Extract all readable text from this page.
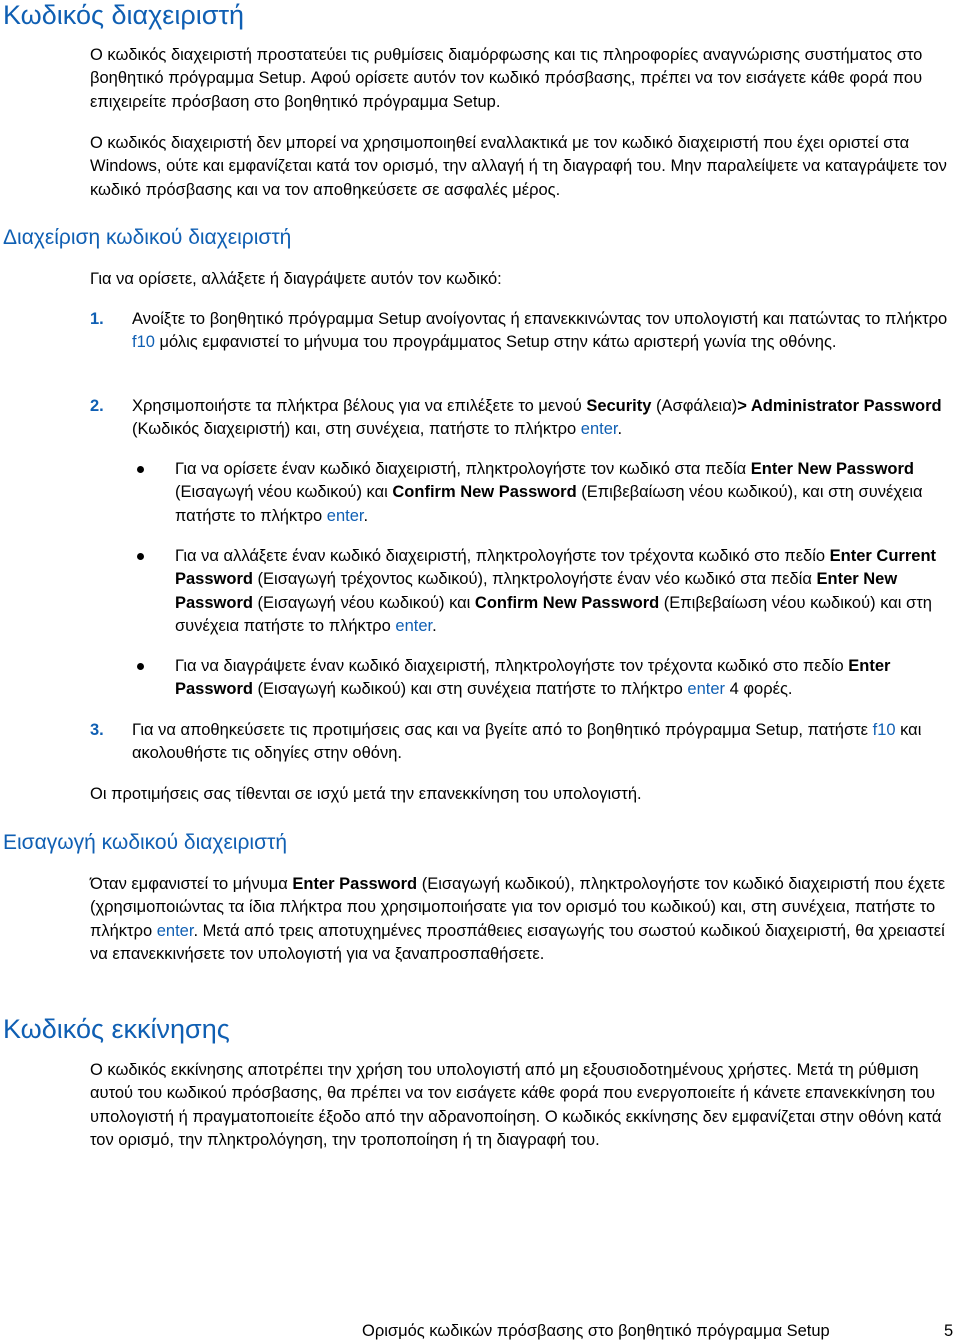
Κωδικός διαχειριστή

Ο κωδικός διαχειριστή προστατεύει τις ρυθμίσεις διαμόρφωσης και τις πληροφορίες αναγνώρισης συστήματος στο βοηθητικό πρόγραμμα Setup. Αφού ορίσετε αυτόν τον κωδικό πρόσβασης, πρέπει να τον εισάγετε κάθε φορά που επιχειρείτε πρόσβαση στο βοηθητικό πρόγραμμα Setup.

Ο κωδικός διαχειριστή δεν μπορεί να χρησιμοποιηθεί εναλλακτικά με τον κωδικό διαχειριστή που έχει οριστεί στα Windows, ούτε και εμφανίζεται κατά τον ορισμό, την αλλαγή ή τη διαγραφή του. Μην παραλείψετε να καταγράψετε τον κωδικό πρόσβασης και να τον αποθηκεύσετε σε ασφαλές μέρος.

Διαχείριση κωδικού διαχειριστή

Για να ορίσετε, αλλάξετε ή διαγράψετε αυτόν τον κωδικό:

1. Ανοίξτε το βοηθητικό πρόγραμμα Setup ανοίγοντας ή επανεκκινώντας τον υπολογιστή και πατώντας το πλήκτρο f10 μόλις εμφανιστεί το μήνυμα του προγράμματος Setup στην κάτω αριστερή γωνία της οθόνης.

2. Χρησιμοποιήστε τα πλήκτρα βέλους για να επιλέξετε το μενού Security (Ασφάλεια)> Administrator Password (Κωδικός διαχειριστή) και, στη συνέχεια, πατήστε το πλήκτρο enter.

Για να ορίσετε έναν κωδικό διαχειριστή, πληκτρολογήστε τον κωδικό στα πεδία Enter New Password (Εισαγωγή νέου κωδικού) και Confirm New Password (Επιβεβαίωση νέου κωδικού), και στη συνέχεια πατήστε το πλήκτρο enter.

Για να αλλάξετε έναν κωδικό διαχειριστή, πληκτρολογήστε τον τρέχοντα κωδικό στο πεδίο Enter Current Password (Εισαγωγή τρέχοντος κωδικού), πληκτρολογήστε έναν νέο κωδικό στα πεδία Enter New Password (Εισαγωγή νέου κωδικού) και Confirm New Password (Επιβεβαίωση νέου κωδικού) και στη συνέχεια πατήστε το πλήκτρο enter.

Για να διαγράψετε έναν κωδικό διαχειριστή, πληκτρολογήστε τον τρέχοντα κωδικό στο πεδίο Enter Password (Εισαγωγή κωδικού) και στη συνέχεια πατήστε το πλήκτρο enter 4 φορές.

3. Για να αποθηκεύσετε τις προτιμήσεις σας και να βγείτε από το βοηθητικό πρόγραμμα Setup, πατήστε f10 και ακολουθήστε τις οδηγίες στην οθόνη.

Οι προτιμήσεις σας τίθενται σε ισχύ μετά την επανεκκίνηση του υπολογιστή.

Εισαγωγή κωδικού διαχειριστή

Όταν εμφανιστεί το μήνυμα Enter Password (Εισαγωγή κωδικού), πληκτρολογήστε τον κωδικό διαχειριστή που έχετε (χρησιμοποιώντας τα ίδια πλήκτρα που χρησιμοποιήσατε για τον ορισμό του κωδικού) και, στη συνέχεια, πατήστε το πλήκτρο enter. Μετά από τρεις αποτυχημένες προσπάθειες εισαγωγής του σωστού κωδικού διαχειριστή, θα χρειαστεί να επανεκκινήσετε τον υπολογιστή για να ξαναπροσπαθήσετε.

Κωδικός εκκίνησης

Ο κωδικός εκκίνησης αποτρέπει την χρήση του υπολογιστή από μη εξουσιοδοτημένους χρήστες. Μετά τη ρύθμιση αυτού του κωδικού πρόσβασης, θα πρέπει να τον εισάγετε κάθε φορά που ενεργοποιείτε ή κάνετε επανεκκίνηση του υπολογιστή ή πραγματοποιείτε έξοδο από την αδρανοποίηση. Ο κωδικός εκκίνησης δεν εμφανίζεται στην οθόνη κατά τον ορισμό, την πληκτρολόγηση, την τροποποίηση ή τη διαγραφή του.

Ορισμός κωδικών πρόσβασης στο βοηθητικό πρόγραμμα Setup	5
